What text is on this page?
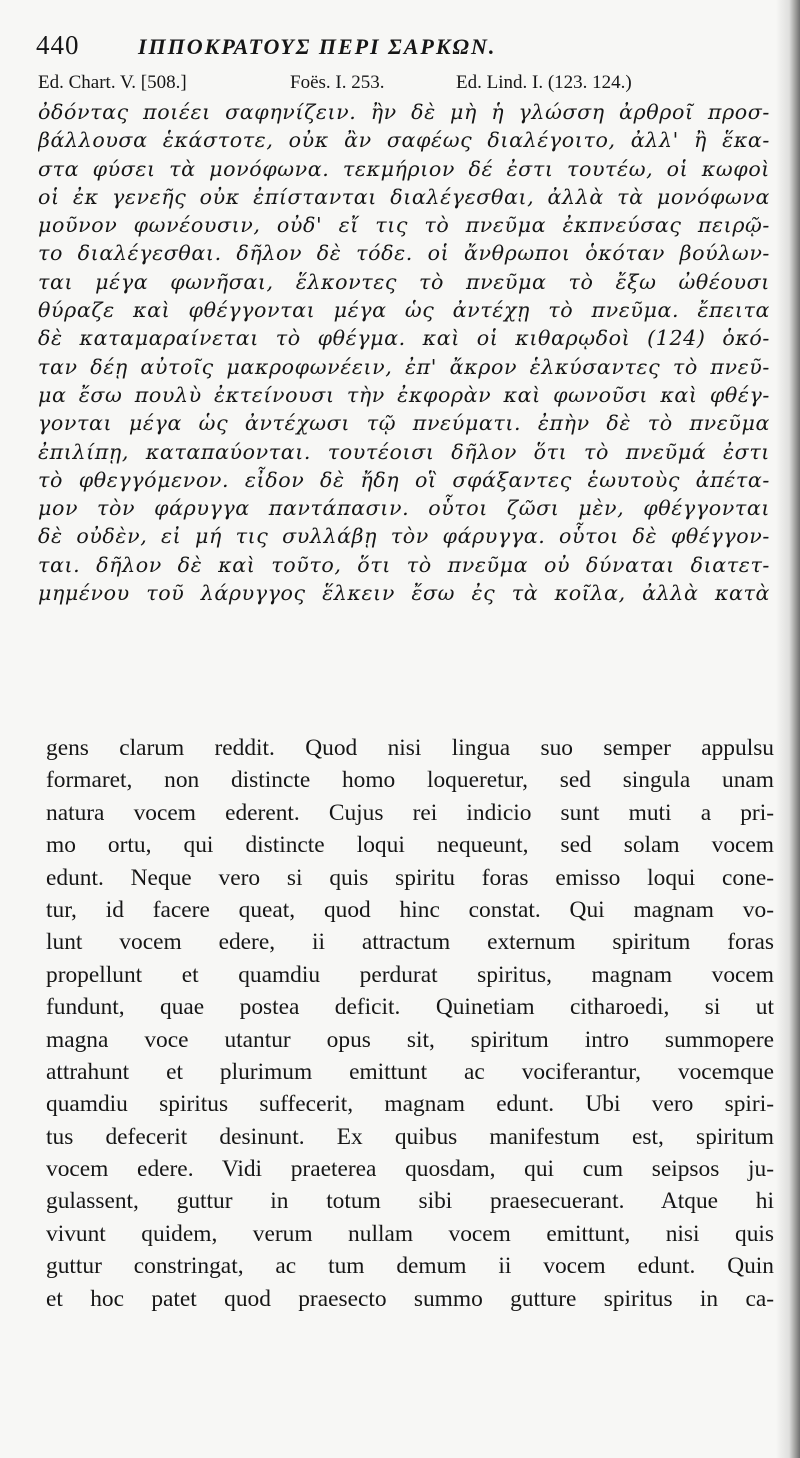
440	ΙΠΠΟΚΡΑΤΟΥΣ ΠΕΡΙ ΣΑΡΚΩΝ.
Ed. Chart. V. [508.]	Foës. I. 253.	Ed. Lind. I. (123. 124.)
ὀδόντας ποιέει σαφηνίζειν. ἢν δὲ μὴ ἡ γλώσση ἀρθροῖ προσ-
βάλλουσα ἑκάστοτε, οὐκ ἂν σαφέως διαλέγοιτο, ἀλλ' ἢ ἕκα-
στα φύσει τὰ μονόφωνα. τεκμήριον δέ ἐστι τουτέω, οἱ κωφοὶ
οἱ ἐκ γενεῆς οὐκ ἐπίστανται διαλέγεσθαι, ἀλλὰ τὰ μονόφωνα
μοῦνον φωνέουσιν, οὐδ' εἴ τις τὸ πνεῦμα ἐκπνεύσας πειρῷ-
το διαλέγεσθαι. δῆλον δὲ τόδε. οἱ ἄνθρωποι ὁκόταν βούλων-
ται μέγα φωνῆσαι, ἕλκοντες τὸ πνεῦμα τὸ ἔξω ὠθέουσι
θύραζε καὶ φθέγγονται μέγα ὡς ἀντέχῃ τὸ πνεῦμα. ἔπειτα
δὲ καταμαραίνεται τὸ φθέγμα. καὶ οἱ κιθαρῳδοὶ (124) ὁκό-
ταν δέῃ αὐτοῖς μακροφωνέειν, ἐπ' ἄκρον ἑλκύσαντες τὸ πνεῦ-
μα ἔσω πουλὺ ἐκτείνουσι τὴν ἐκφορὰν καὶ φωνοῦσι καὶ φθέγ-
γονται μέγα ὡς ἀντέχωσι τῷ πνεύματι. ἐπὴν δὲ τὸ πνεῦμα
ἐπιλίπῃ, καταπαύονται. τουτέοισι δῆλον ὅτι τὸ πνεῦμά ἐστι
τὸ φθεγγόμενον. εἶδον δὲ ἤδη οἳ σφάξαντες ἑωυτοὺς ἀπέτα-
μον τὸν φάρυγγα παντάπασιν. οὗτοι ζῶσι μὲν, φθέγγονται
δὲ οὐδὲν, εἰ μή τις συλλάβῃ τὸν φάρυγγα. οὗτοι δὲ φθέγγον-
ται. δῆλον δὲ καὶ τοῦτο, ὅτι τὸ πνεῦμα οὐ δύναται διατετ-
μημένου τοῦ λάρυγγος ἕλκειν ἔσω ἐς τὰ κοῖλα, ἀλλὰ κατὰ
gens clarum reddit. Quod nisi lingua suo semper appulsu
formaret, non distincte homo loqueretur, sed singula unam
natura vocem ederent. Cujus rei indicio sunt muti a pri-
mo ortu, qui distincte loqui nequeunt, sed solam vocem
edunt. Neque vero si quis spiritu foras emisso loqui cone-
tur, id facere queat, quod hinc constat. Qui magnam vo-
lunt vocem edere, ii attractum externum spiritum foras
propellunt et quamdiu perdurat spiritus, magnam vocem
fundunt, quae postea deficit. Quinetiam citharoedi, si ut
magna voce utantur opus sit, spiritum intro summopere
attrahunt et plurimum emittunt ac vociferantur, vocemque
quamdiu spiritus suffecerit, magnam edunt. Ubi vero spiri-
tus defecerit desinunt. Ex quibus manifestum est, spiritum
vocem edere. Vidi praeterea quosdam, qui cum seipsos ju-
gulassent, guttur in totum sibi praesecuerant. Atque hi
vivunt quidem, verum nullam vocem emittunt, nisi quis
guttur constringat, ac tum demum ii vocem edunt. Quin
et hoc patet quod praesecto summo gutture spiritus in ca-
